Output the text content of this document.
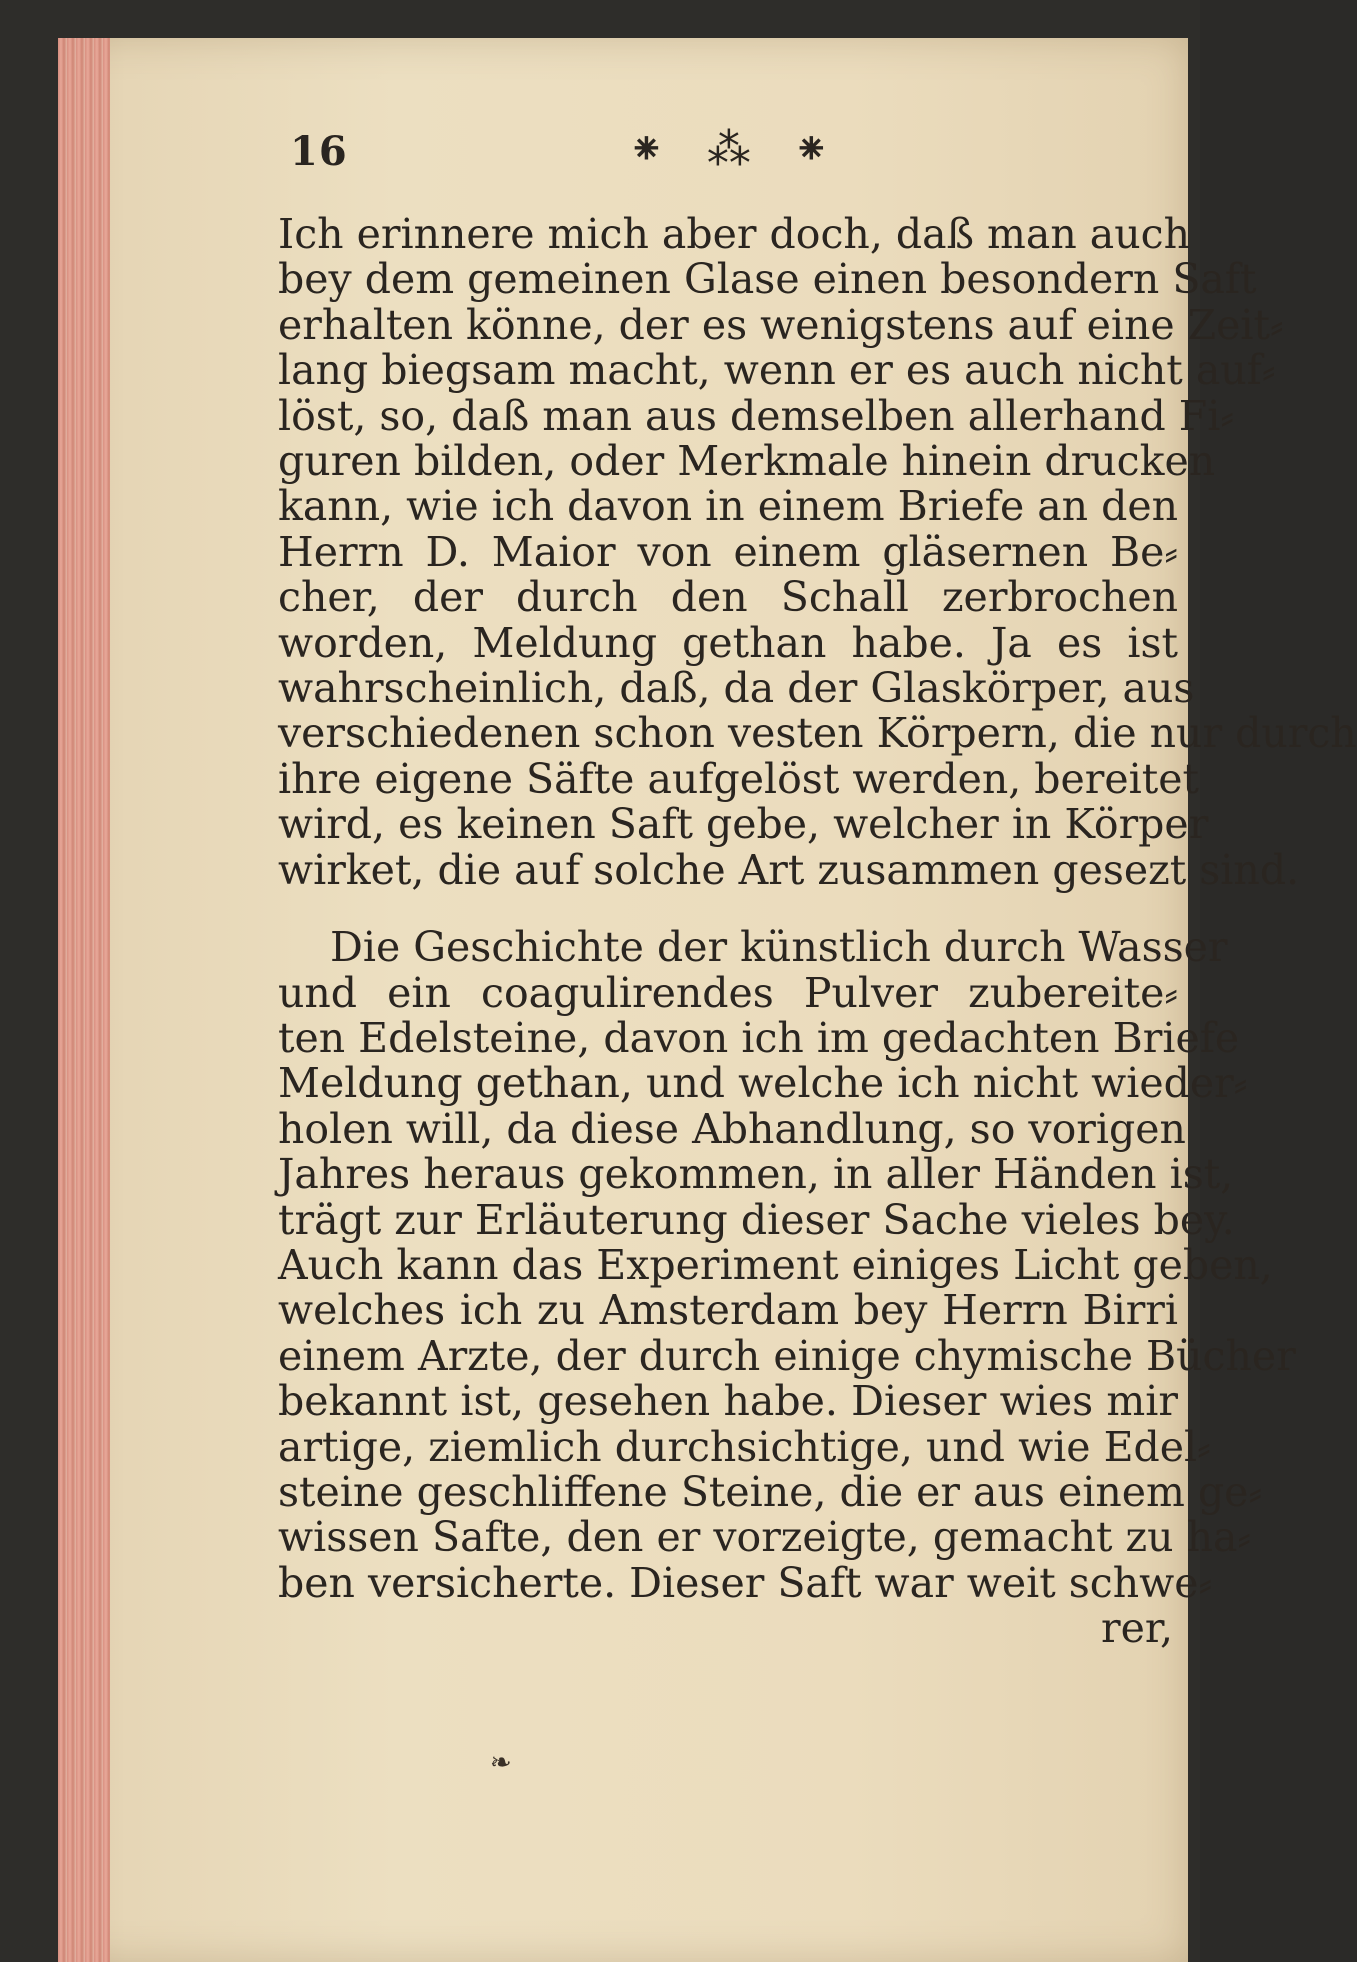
16	⁕ ⁂ ⁕
Ich erinnere mich aber doch, daß man auch
bey dem gemeinen Glase einen besondern Saft
erhalten könne, der es wenigstens auf eine Zeit⸗
lang biegsam macht, wenn er es auch nicht auf⸗
löst, so, daß man aus demselben allerhand Fi⸗
guren bilden, oder Merkmale hinein drucken
kann, wie ich davon in einem Briefe an den
Herrn D. Maior von einem gläsernen Be⸗
cher, der durch den Schall zerbrochen
worden, Meldung gethan habe. Ja es ist
wahrscheinlich, daß, da der Glaskörper, aus
verschiedenen schon vesten Körpern, die nur durch
ihre eigene Säfte aufgelöst werden, bereitet
wird, es keinen Saft gebe, welcher in Körper
wirket, die auf solche Art zusammen gesezt sind.
Die Geschichte der künstlich durch Wasser
und ein coagulirendes Pulver zubereite⸗
ten Edelsteine, davon ich im gedachten Briefe
Meldung gethan, und welche ich nicht wieder⸗
holen will, da diese Abhandlung, so vorigen
Jahres heraus gekommen, in aller Händen ist,
trägt zur Erläuterung dieser Sache vieles bey.
Auch kann das Experiment einiges Licht geben,
welches ich zu Amsterdam bey Herrn Birri
einem Arzte, der durch einige chymische Bücher
bekannt ist, gesehen habe. Dieser wies mir
artige, ziemlich durchsichtige, und wie Edel⸗
steine geschliffene Steine, die er aus einem ge⸗
wissen Safte, den er vorzeigte, gemacht zu ha⸗
ben versicherte. Dieser Saft war weit schwe⸗
rer,
❧
